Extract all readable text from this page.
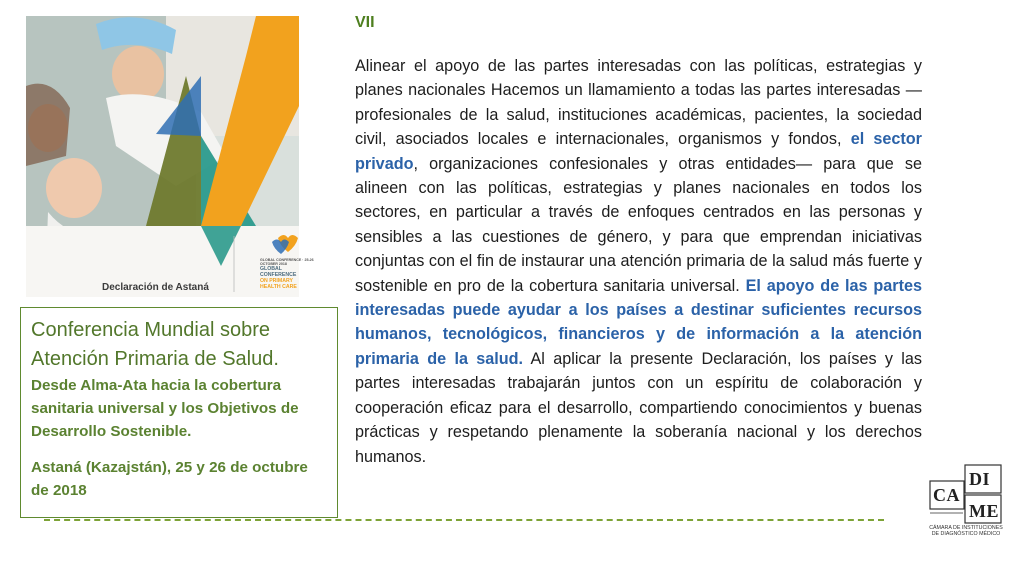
Declaración de Astaná
GLOBAL CONFERENCE · 25-26 OCTOBER 2018
GLOBAL
CONFERENCE
ON PRIMARY
HEALTH CARE
Conferencia Mundial sobre Atención Primaria de Salud.
Desde Alma-Ata hacia la cobertura sanitaria universal y los Objetivos de Desarrollo Sostenible.
Astaná (Kazajstán), 25 y 26 de octubre de 2018
VII
Alinear el apoyo de las partes interesadas con las políticas, estrategias y planes nacionales Hacemos un llamamiento a todas las partes interesadas —profesionales de la salud, instituciones académicas, pacientes, la sociedad civil, asociados locales e internacionales, organismos y fondos, el sector privado, organizaciones confesionales y otras entidades— para que se alineen con las políticas, estrategias y planes nacionales en todos los sectores, en particular a través de enfoques centrados en las personas y sensibles a las cuestiones de género, y para que emprendan iniciativas conjuntas con el fin de instaurar una atención primaria de la salud más fuerte y sostenible en pro de la cobertura sanitaria universal. El apoyo de las partes interesadas puede ayudar a los países a destinar suficientes recursos humanos, tecnológicos, financieros y de información a la atención primaria de la salud. Al aplicar la presente Declaración, los países y las partes interesadas trabajarán juntos con un espíritu de colaboración y cooperación eficaz para el desarrollo, compartiendo conocimientos y buenas prácticas y respetando plenamente la soberanía nacional y los derechos humanos.
CA
DI
ME
CÁMARA DE INSTITUCIONES DE DIAGNÓSTICO MÉDICO
